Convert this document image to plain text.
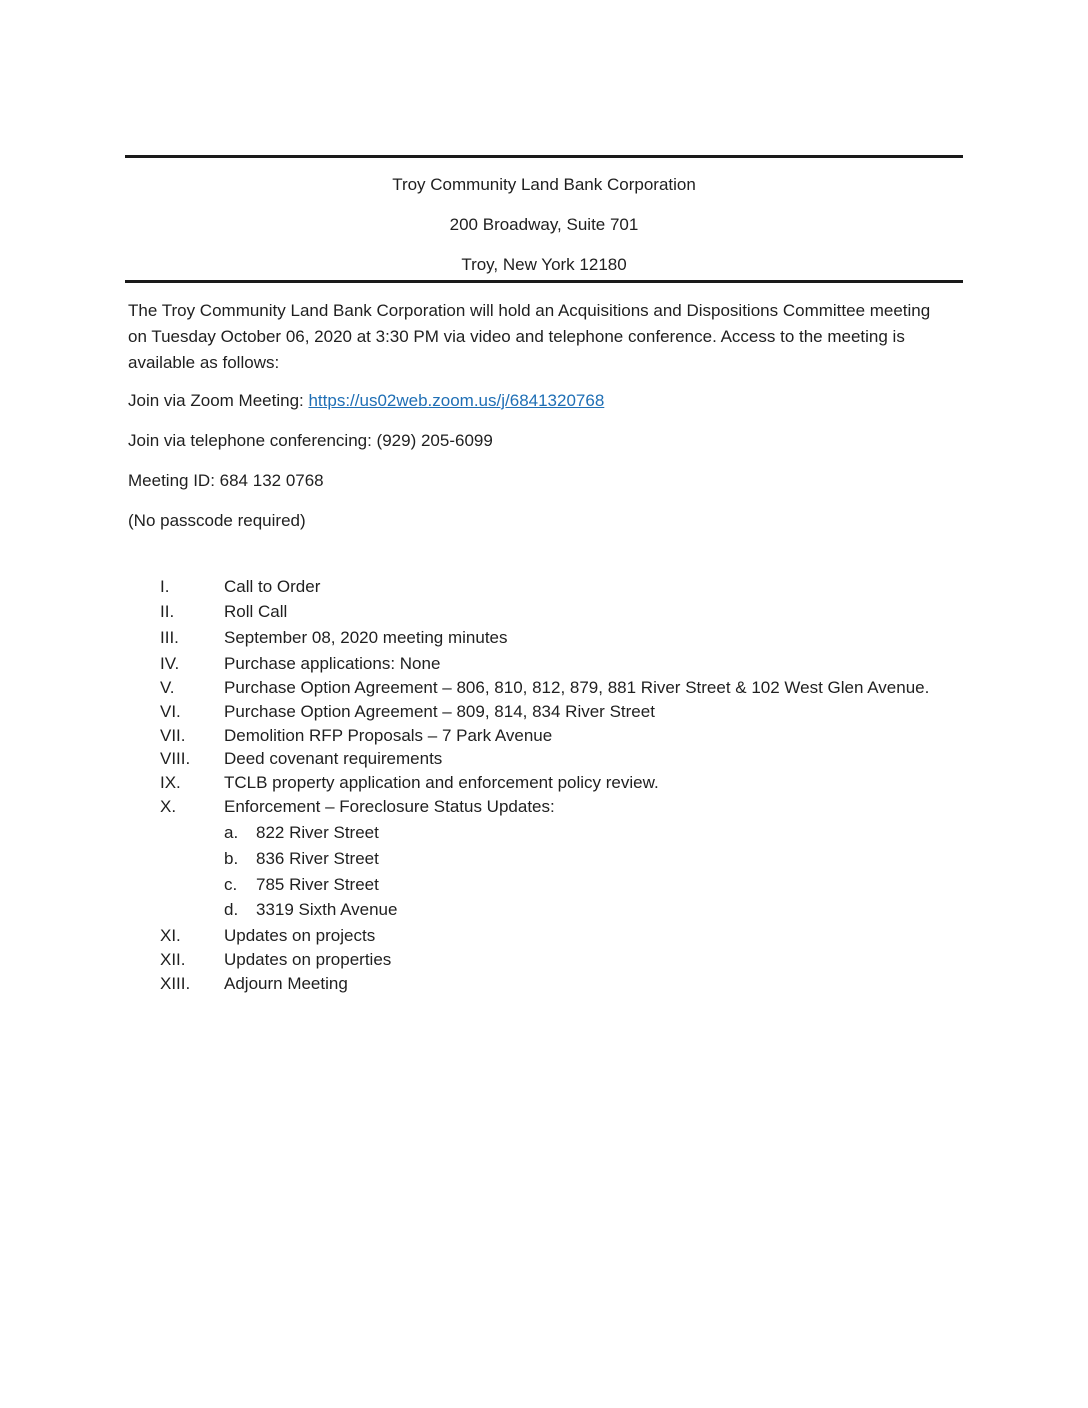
Troy Community Land Bank Corporation
200 Broadway, Suite 701
Troy, New York 12180
The Troy Community Land Bank Corporation will hold an Acquisitions and Dispositions Committee meeting on Tuesday October 06, 2020 at 3:30 PM via video and telephone conference. Access to the meeting is available as follows:
Join via Zoom Meeting: https://us02web.zoom.us/j/6841320768
Join via telephone conferencing: (929) 205-6099
Meeting ID: 684 132 0768
(No passcode required)
I.	Call to Order
II.	Roll Call
III.	September 08, 2020 meeting minutes
IV.	Purchase applications: None
V.	Purchase Option Agreement – 806, 810, 812, 879, 881 River Street & 102 West Glen Avenue.
VI.	Purchase Option Agreement – 809, 814, 834 River Street
VII. Demolition RFP Proposals – 7 Park Avenue
VIII. Deed covenant requirements
IX.	TCLB property application and enforcement policy review.
X.	Enforcement – Foreclosure Status Updates:
a. 822 River Street
b. 836 River Street
c. 785 River Street
d. 3319 Sixth Avenue
XI.	Updates on projects
XII. Updates on properties
XIII. Adjourn Meeting
